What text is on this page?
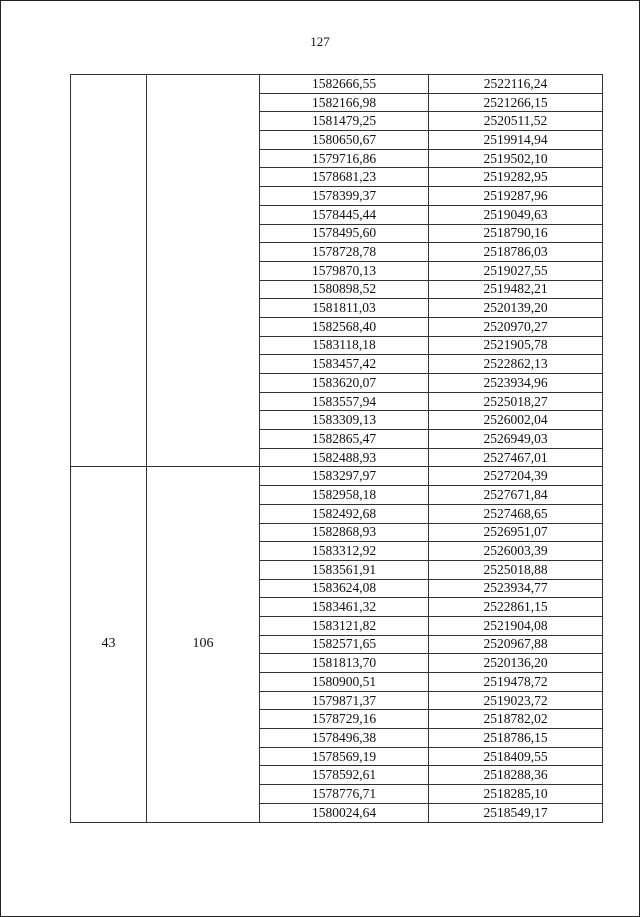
127
		1582666,55	2522116,24
		1582166,98	2521266,15
		1581479,25	2520511,52
		1580650,67	2519914,94
		1579716,86	2519502,10
		1578681,23	2519282,95
		1578399,37	2519287,96
		1578445,44	2519049,63
		1578495,60	2518790,16
		1578728,78	2518786,03
		1579870,13	2519027,55
		1580898,52	2519482,21
		1581811,03	2520139,20
		1582568,40	2520970,27
		1583118,18	2521905,78
		1583457,42	2522862,13
		1583620,07	2523934,96
		1583557,94	2525018,27
		1583309,13	2526002,04
		1582865,47	2526949,03
		1582488,93	2527467,01
43	106	1583297,97	2527204,39
		1582958,18	2527671,84
		1582492,68	2527468,65
		1582868,93	2526951,07
		1583312,92	2526003,39
		1583561,91	2525018,88
		1583624,08	2523934,77
		1583461,32	2522861,15
		1583121,82	2521904,08
		1582571,65	2520967,88
		1581813,70	2520136,20
		1580900,51	2519478,72
		1579871,37	2519023,72
		1578729,16	2518782,02
		1578496,38	2518786,15
		1578569,19	2518409,55
		1578592,61	2518288,36
		1578776,71	2518285,10
		1580024,64	2518549,17
